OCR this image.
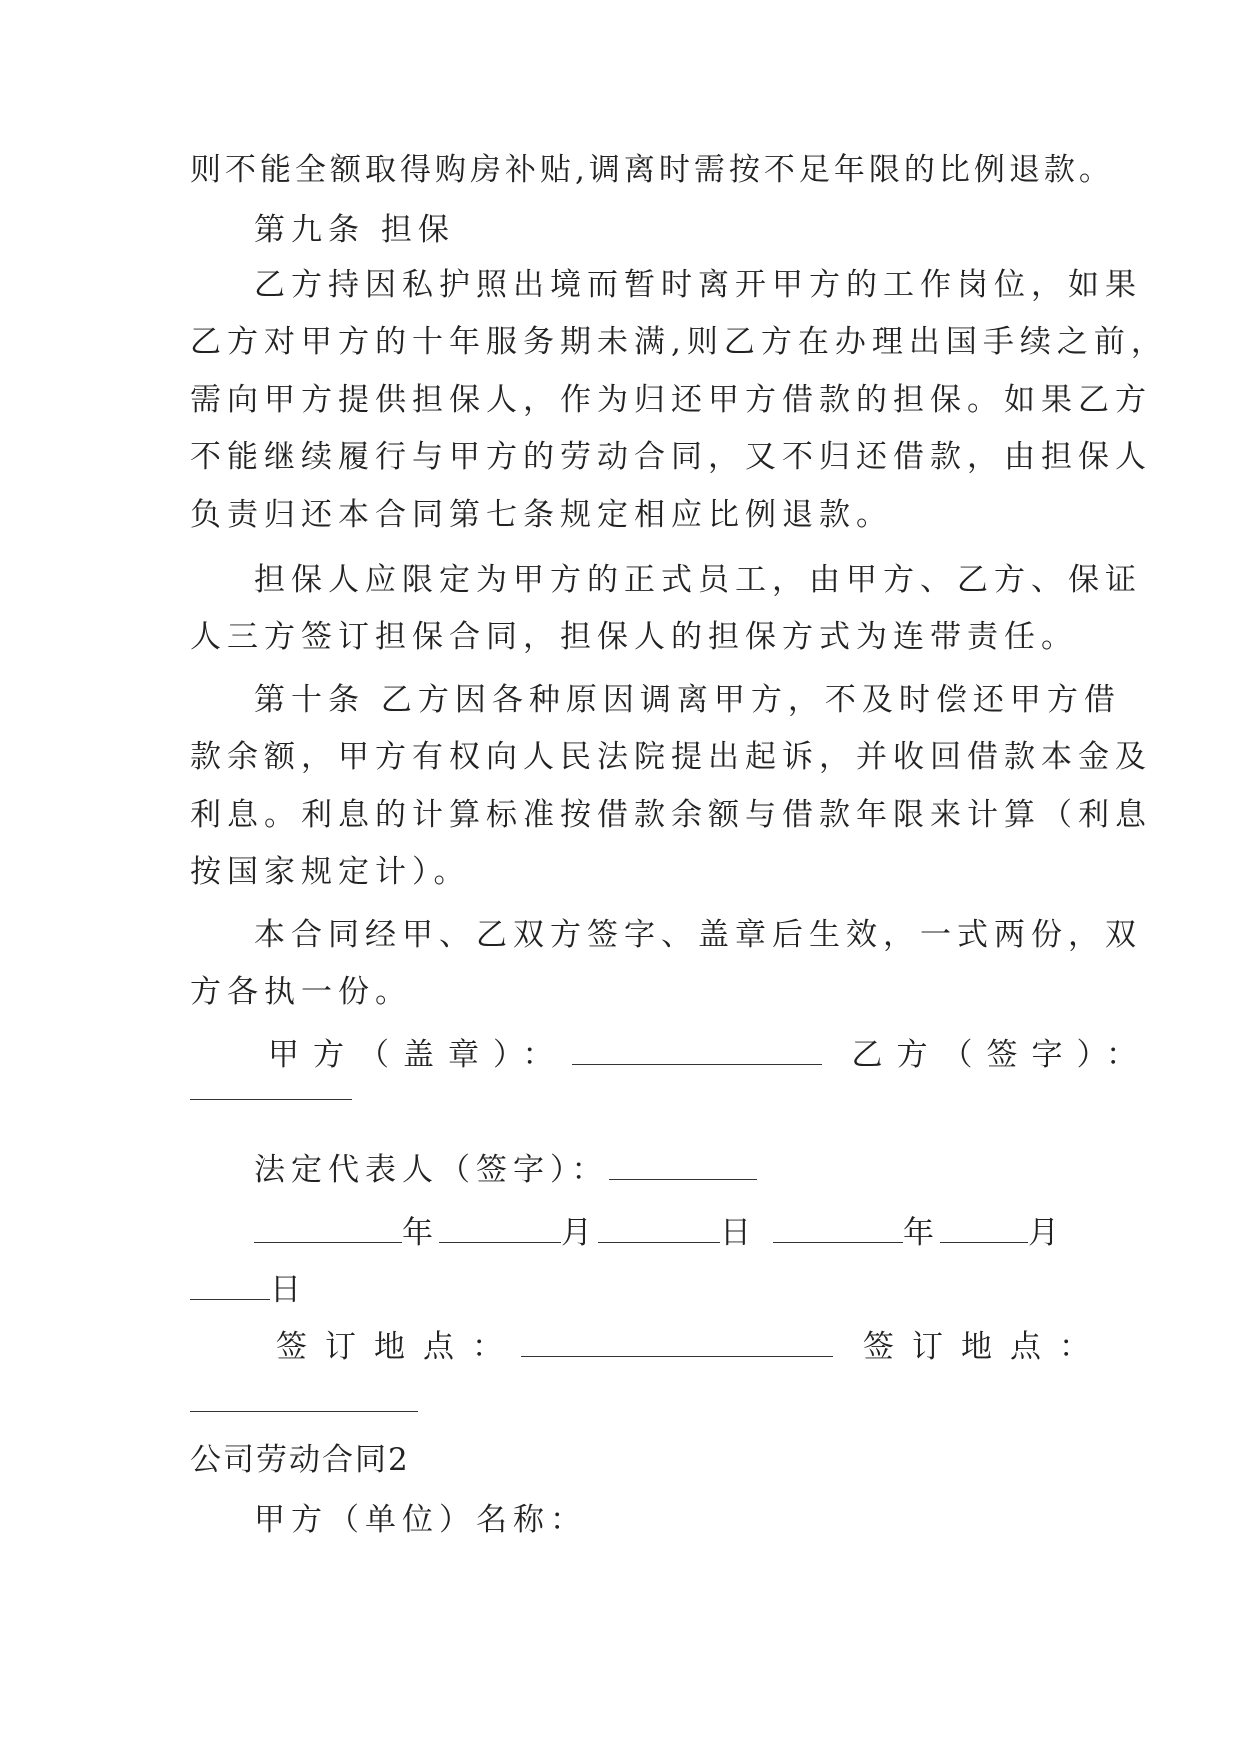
则不能全额取得购房补贴,调离时需按不足年限的比例退款。
第九条 担保
乙方持因私护照出境而暂时离开甲方的工作岗位，如果
乙方对甲方的十年服务期未满,则乙方在办理出国手续之前，
需向甲方提供担保人，作为归还甲方借款的担保。如果乙方
不能继续履行与甲方的劳动合同，又不归还借款，由担保人
负责归还本合同第七条规定相应比例退款。
担保人应限定为甲方的正式员工，由甲方、乙方、保证
人三方签订担保合同，担保人的担保方式为连带责任。
第十条 乙方因各种原因调离甲方，不及时偿还甲方借
款余额，甲方有权向人民法院提出起诉，并收回借款本金及
利息。利息的计算标准按借款余额与借款年限来计算（利息
按国家规定计）。
本合同经甲、乙双方签字、盖章后生效，一式两份，双
方各执一份。
甲方（盖章）：	乙方（签字）：
法定代表人（签字）：
年	月	日	年	月
日
签订地点：	签订地点：
公司劳动合同2
甲方（单位）名称：
